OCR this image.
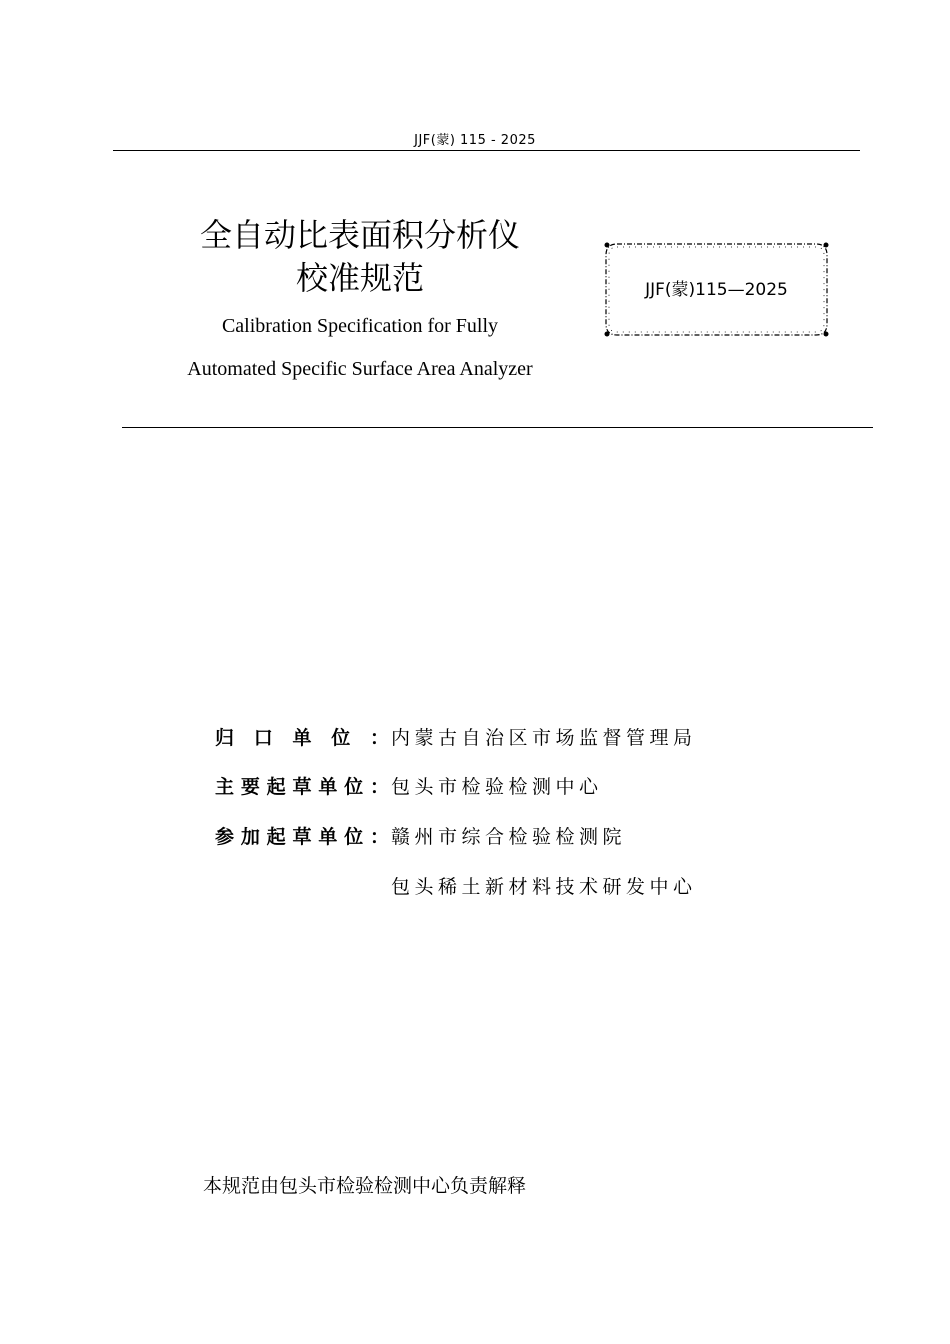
JJF(蒙) 115 - 2025
全自动比表面积分析仪
校准规范
Calibration Specification for Fully
Automated Specific Surface Area Analyzer
JJF(蒙)115—2025
归口单位：内蒙古自治区市场监督管理局
主要起草单位：包头市检验检测中心
参加起草单位：赣州市综合检验检测院
包头稀土新材料技术研发中心
本规范由包头市检验检测中心负责解释
